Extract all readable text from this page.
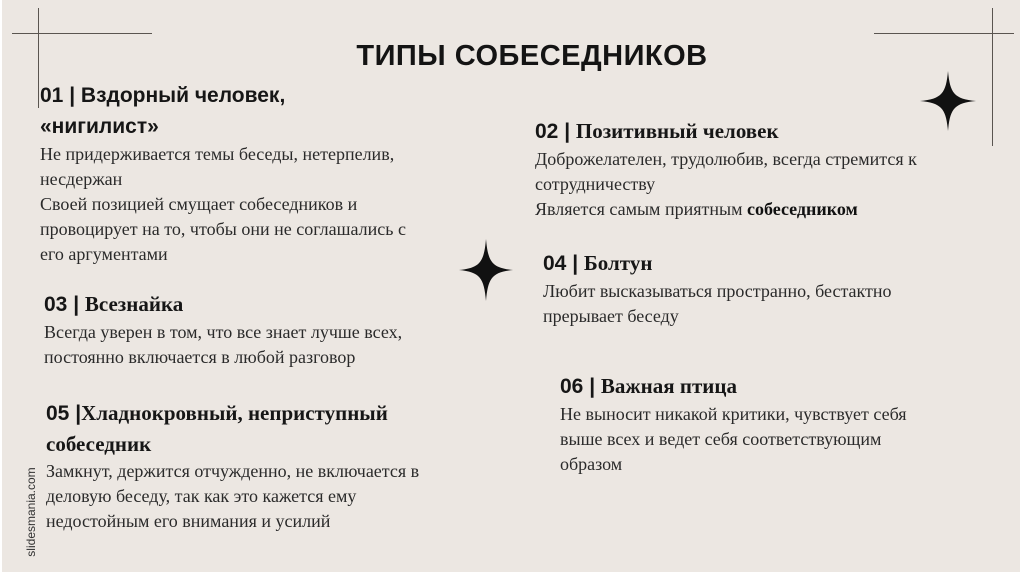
ТИПЫ СОБЕСЕДНИКОВ

01 | Вздорный человек,
«нигилист»

Не придерживается темы беседы, нетерпелив,
несдержан
Своей позицией смущает собеседников и
провоцирует на то, чтобы они не соглашались с
его аргументами

02 | Позитивный человек

Доброжелателен, трудолюбив, всегда стремится к
сотрудничеству
Является самым приятным собеседником

03 | Всезнайка

Всегда уверен в том, что все знает лучше всех,
постоянно включается в любой разговор

04 | Болтун

Любит высказываться пространно, бестактно
прерывает беседу

05 |Хладнокровный, неприступный
собеседник

Замкнут, держится отчужденно, не включается в
деловую беседу, так как это кажется ему
недостойным его внимания и усилий

06 | Важная птица

Не выносит никакой критики, чувствует себя
выше всех и ведет себя соответствующим
образом

slidesmania.com
